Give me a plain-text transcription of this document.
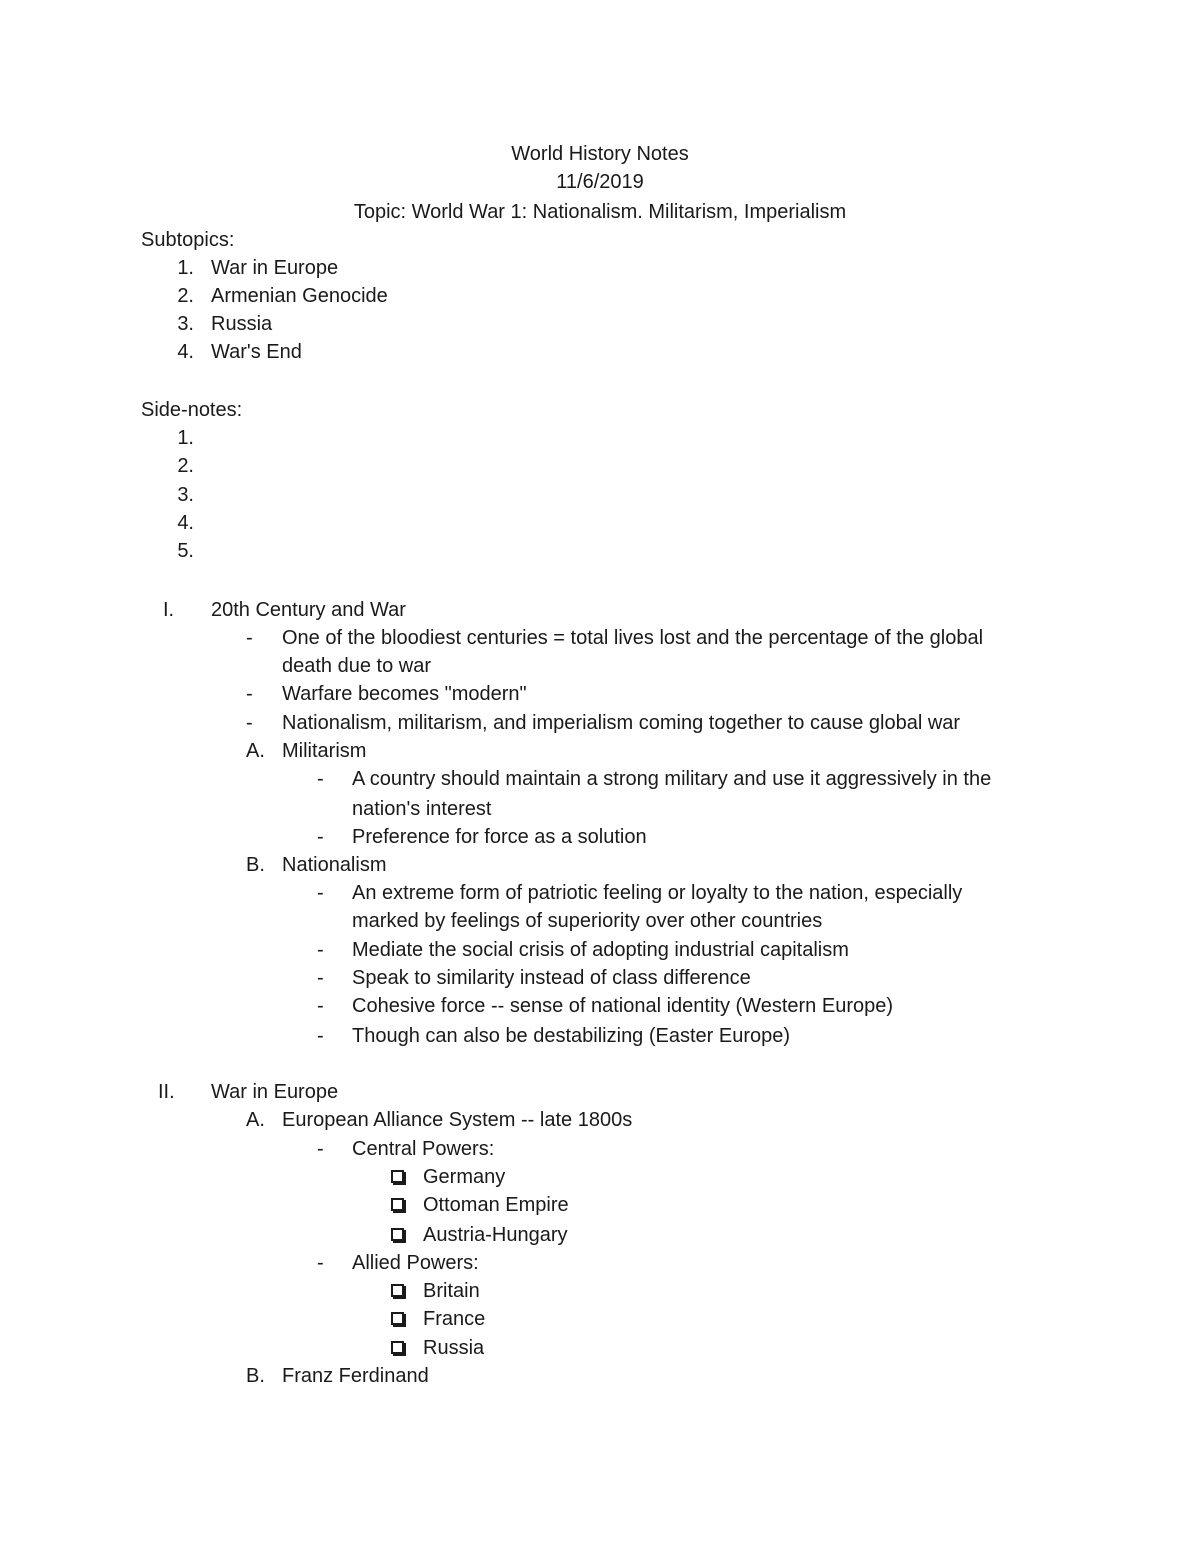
World History Notes
11/6/2019
Topic: World War 1: Nationalism. Militarism, Imperialism
Subtopics:
1. War in Europe
2. Armenian Genocide
3. Russia
4. War's End
Side-notes:
1.
2.
3.
4.
5.
I. 20th Century and War
- One of the bloodiest centuries = total lives lost and the percentage of the global
death due to war
- Warfare becomes "modern"
- Nationalism, militarism, and imperialism coming together to cause global war
A. Militarism
- A country should maintain a strong military and use it aggressively in the
nation's interest
- Preference for force as a solution
B. Nationalism
- An extreme form of patriotic feeling or loyalty to the nation, especially
marked by feelings of superiority over other countries
- Mediate the social crisis of adopting industrial capitalism
- Speak to similarity instead of class difference
- Cohesive force -- sense of national identity (Western Europe)
- Though can also be destabilizing (Easter Europe)
II. War in Europe
A. European Alliance System -- late 1800s
- Central Powers:
Germany
Ottoman Empire
Austria-Hungary
- Allied Powers:
Britain
France
Russia
B. Franz Ferdinand
